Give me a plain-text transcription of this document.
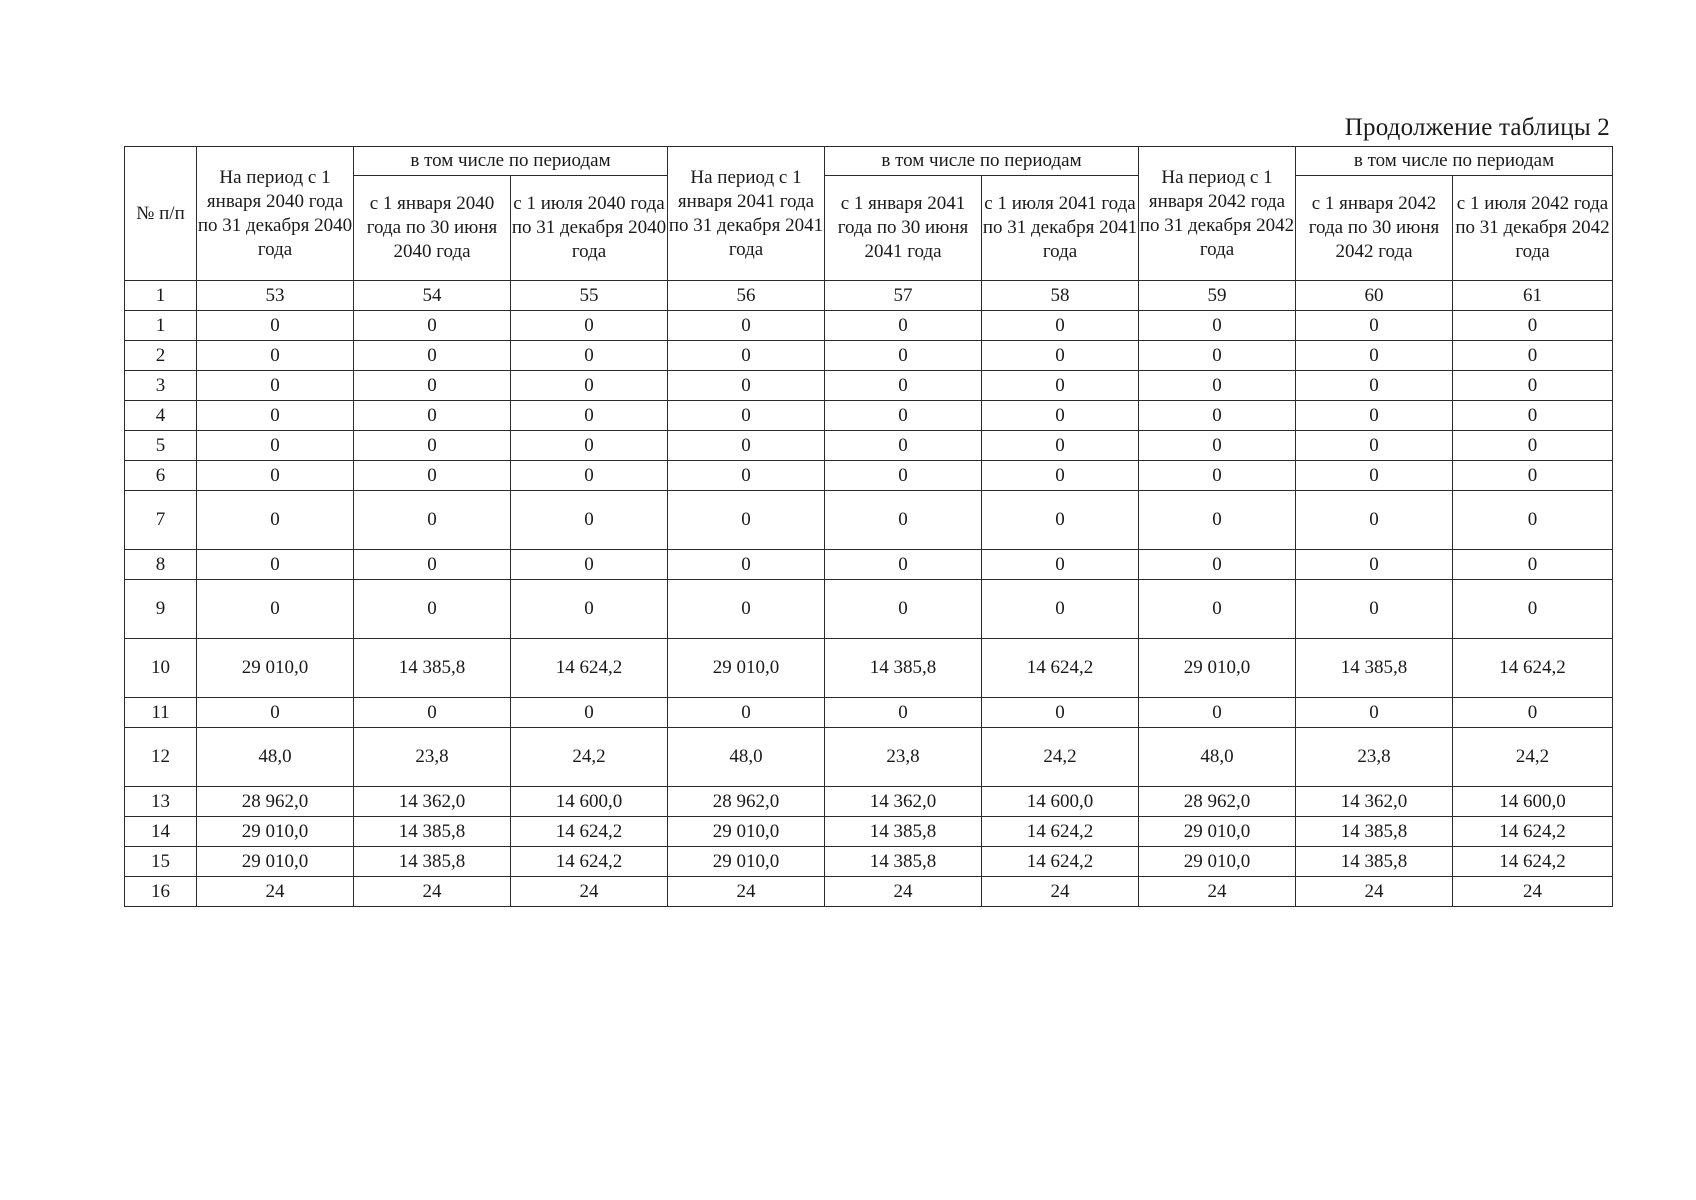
Продолжение таблицы 2
№ п/п	На период с 1 января 2040 года по 31 декабря 2040 года	в том числе по периодам		На период с 1 января 2041 года по 31 декабря 2041 года	в том числе по периодам		На период с 1 января 2042 года по 31 декабря 2042 года	в том числе по периодам	
		с 1 января 2040 года по 30 июня 2040 года	с 1 июля 2040 года по 31 декабря 2040 года		с 1 января 2041 года по 30 июня 2041 года	с 1 июля 2041 года по 31 декабря 2041 года		с 1 января 2042 года по 30 июня 2042 года	с 1 июля 2042 года по 31 декабря 2042 года
1	53	54	55	56	57	58	59	60	61
1	0	0	0	0	0	0	0	0	0
2	0	0	0	0	0	0	0	0	0
3	0	0	0	0	0	0	0	0	0
4	0	0	0	0	0	0	0	0	0
5	0	0	0	0	0	0	0	0	0
6	0	0	0	0	0	0	0	0	0
7	0	0	0	0	0	0	0	0	0
8	0	0	0	0	0	0	0	0	0
9	0	0	0	0	0	0	0	0	0
10	29 010,0	14 385,8	14 624,2	29 010,0	14 385,8	14 624,2	29 010,0	14 385,8	14 624,2
11	0	0	0	0	0	0	0	0	0
12	48,0	23,8	24,2	48,0	23,8	24,2	48,0	23,8	24,2
13	28 962,0	14 362,0	14 600,0	28 962,0	14 362,0	14 600,0	28 962,0	14 362,0	14 600,0
14	29 010,0	14 385,8	14 624,2	29 010,0	14 385,8	14 624,2	29 010,0	14 385,8	14 624,2
15	29 010,0	14 385,8	14 624,2	29 010,0	14 385,8	14 624,2	29 010,0	14 385,8	14 624,2
16	24	24	24	24	24	24	24	24	24
